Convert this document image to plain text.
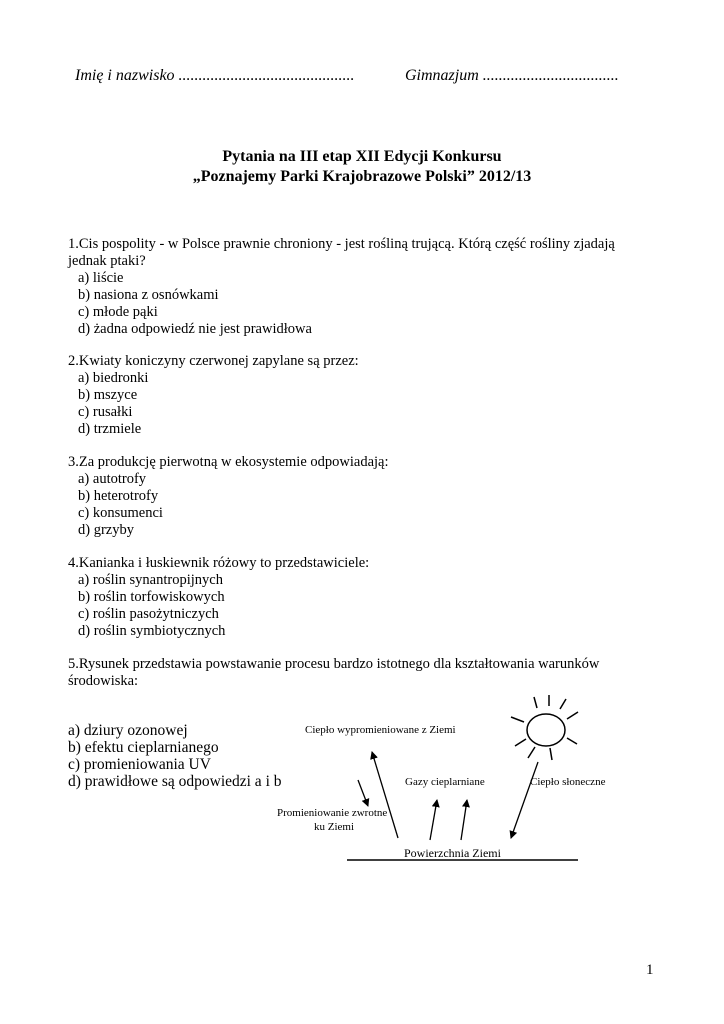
Imię i nazwisko ............................................	Gimnazjum ..................................
Pytania na III etap XII Edycji Konkursu
„Poznajemy Parki Krajobrazowe Polski” 2012/13
1.Cis pospolity - w Polsce prawnie chroniony - jest rośliną trującą. Którą część rośliny zjadają
jednak ptaki?
a) liście
b) nasiona z osnówkami
c) młode pąki
d) żadna odpowiedź nie jest prawidłowa
2.Kwiaty koniczyny czerwonej zapylane są przez:
a) biedronki
b) mszyce
c) rusałki
d) trzmiele
3.Za produkcję pierwotną w ekosystemie odpowiadają:
a) autotrofy
b) heterotrofy
c) konsumenci
d) grzyby
4.Kanianka i łuskiewnik różowy to przedstawiciele:
a) roślin synantropijnych
b) roślin torfowiskowych
c) roślin pasożytniczych
d) roślin symbiotycznych
5.Rysunek przedstawia powstawanie procesu bardzo istotnego dla kształtowania warunków
środowiska:
a) dziury ozonowej
b) efektu cieplarnianego
c) promieniowania UV
d) prawidłowe są odpowiedzi a i b
Ciepło wypromieniowane z Ziemi
Gazy cieplarniane	Ciepło słoneczne
Promieniowanie zwrotne
ku Ziemi
Powierzchnia Ziemi
1
